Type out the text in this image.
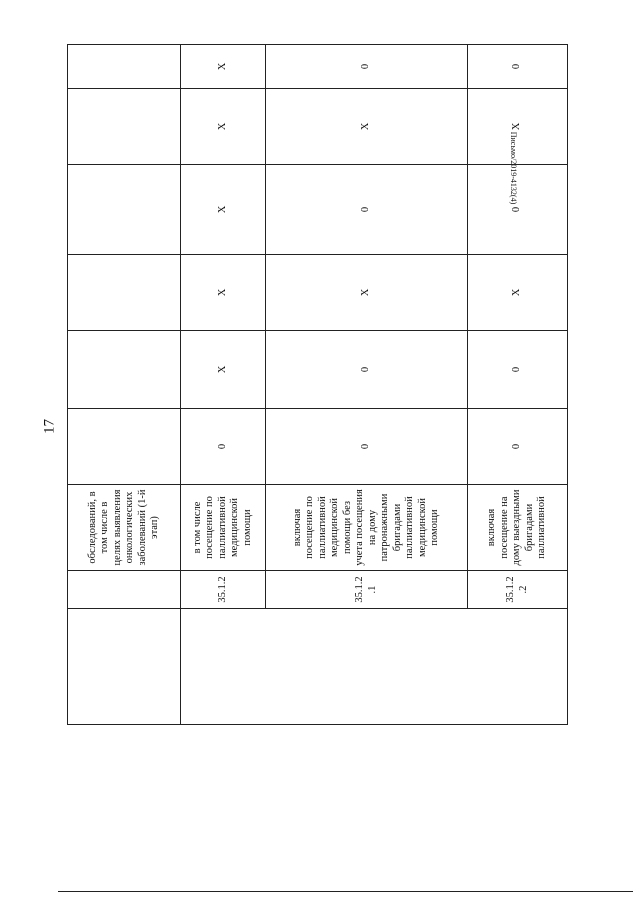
17
Письмо/2019-4132(4)
		обследований, в том числе в целях выявления онкологических заболеваний (1-й этап)						
	35.1.2	в том числе посещение по паллиативной медицинской помощи	0	Х	Х	Х	Х	Х
	35.1.2 .1	включая посещение по паллиативной медицинской помощи без учета посещения на дому патронажными бригадами паллиативной медицинской помощи	0	0	Х	0	Х	0
	35.1.2 .2	включая посещение на дому выездными бригадами паллиативной	0	0	Х	0	Х	0
